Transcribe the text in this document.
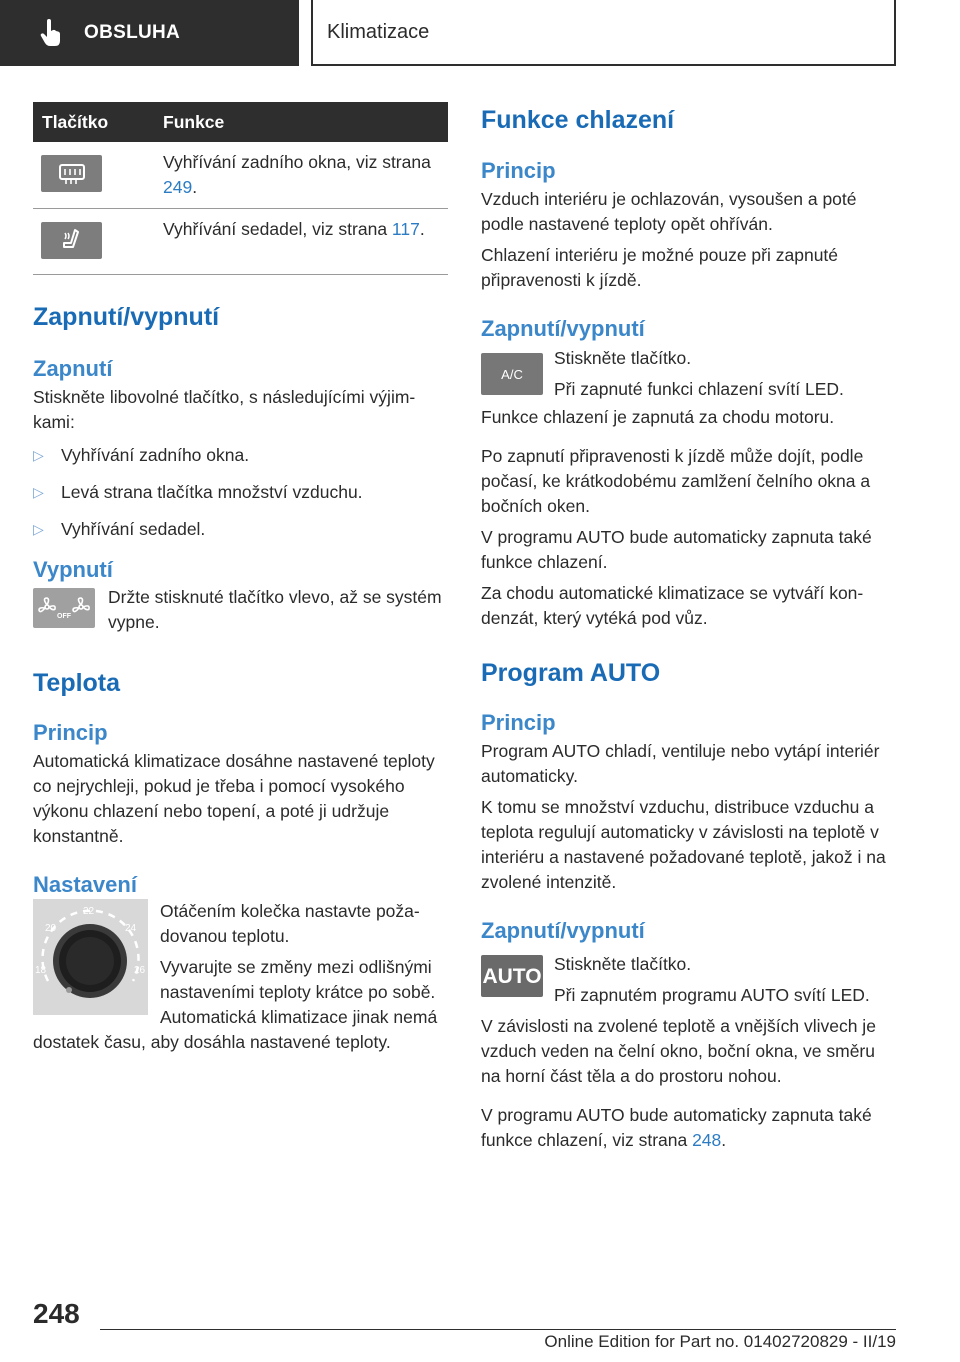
OBSLUHA	Klimatizace
Tlačítko	Funkce

	Vyhřívání zadního okna, viz strana 249.

	Vyhřívání sedadel, viz strana 117.
Zapnutí/vypnutí
Zapnutí

Stiskněte libovolné tlačítko, s následujícími výjimkami:

▷ Vyhřívání zadního okna.
▷ Levá strana tlačítka množství vzduchu.
▷ Vyhřívání sedadel.
Vypnutí
OFF

Držte stisknuté tlačítko vlevo, až se systém vypne.

Teplota
Princip

Automatická klimatizace dosáhne nastavené teploty co nejrychleji, pokud je třeba i pomocí vysokého výkonu chlazení nebo topení, a poté ji udržuje konstantně.

Nastavení
22
20	24
18	26

Otáčením kolečka nastavte požadovanou teplotu.

Vyvarujte se změny mezi odlišnými nastaveními teploty krátce po sobě. Automatická klimatizace jinak nemá dostatek času, aby dosáhla nastavené teploty.

Funkce chlazení
Princip

Vzduch interiéru je ochlazován, vysoušen a poté podle nastavené teploty opět ohříván.

Chlazení interiéru je možné pouze při zapnuté připravenosti k jízdě.

Zapnutí/vypnutí
A/C

Stiskněte tlačítko.

Při zapnuté funkci chlazení svítí LED.

Funkce chlazení je zapnutá za chodu motoru.

Po zapnutí připravenosti k jízdě může dojít, podle počasí, ke krátkodobému zamlžení čelního okna a bočních oken.

V programu AUTO bude automaticky zapnuta také funkce chlazení.

Za chodu automatické klimatizace se vytváří kondenzát, který vytéká pod vůz.

Program AUTO
Princip

Program AUTO chladí, ventiluje nebo vytápí interiér automaticky.

K tomu se množství vzduchu, distribuce vzduchu a teplota regulují automaticky v závislosti na teplotě v interiéru a nastavené požadované teplotě, jakož i na zvolené intenzitě.

Zapnutí/vypnutí
AUTO

Stiskněte tlačítko.

Při zapnutém programu AUTO svítí LED.

V závislosti na zvolené teplotě a vnějších vlivech je vzduch veden na čelní okno, boční okna, ve směru na horní část těla a do prostoru nohou.

V programu AUTO bude automaticky zapnuta také funkce chlazení, viz strana 248.

248
Online Edition for Part no. 01402720829 - II/19
